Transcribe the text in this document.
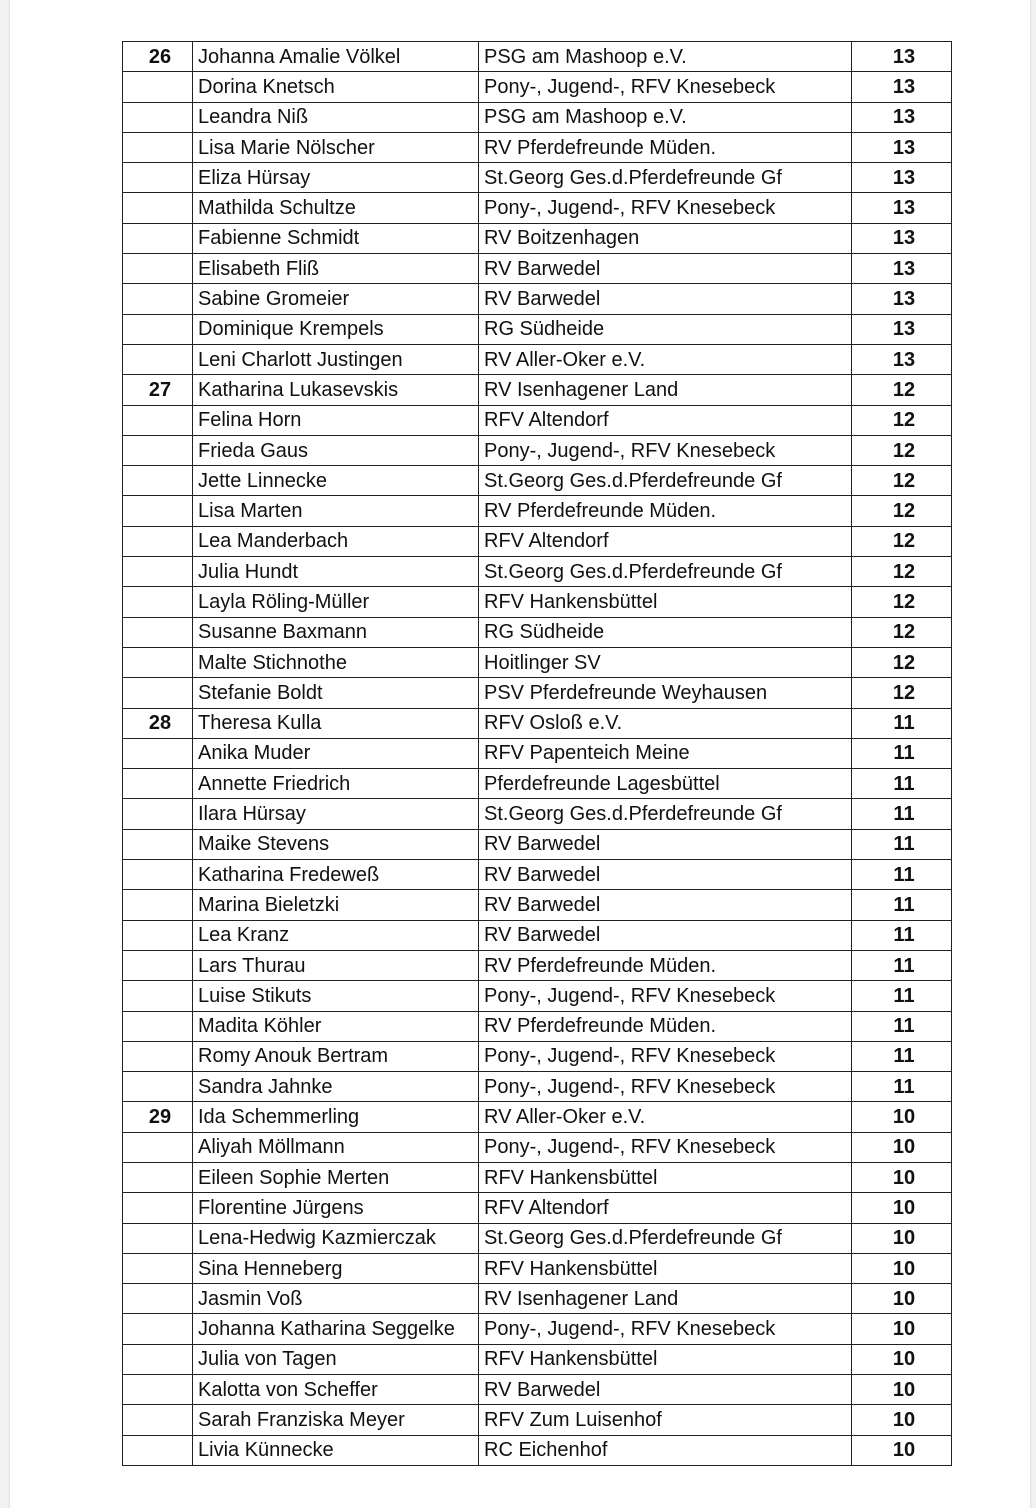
26	Johanna Amalie Völkel	PSG am Mashoop e.V.	13
	Dorina Knetsch	Pony-, Jugend-, RFV Knesebeck	13
	Leandra Niß	PSG am Mashoop e.V.	13
	Lisa Marie Nölscher	RV Pferdefreunde Müden.	13
	Eliza Hürsay	St.Georg Ges.d.Pferdefreunde Gf	13
	Mathilda Schultze	Pony-, Jugend-, RFV Knesebeck	13
	Fabienne Schmidt	RV Boitzenhagen	13
	Elisabeth Fliß	RV Barwedel	13
	Sabine Gromeier	RV Barwedel	13
	Dominique Krempels	RG Südheide	13
	Leni Charlott Justingen	RV Aller-Oker e.V.	13
27	Katharina Lukasevskis	RV Isenhagener Land	12
	Felina Horn	RFV Altendorf	12
	Frieda Gaus	Pony-, Jugend-, RFV Knesebeck	12
	Jette Linnecke	St.Georg Ges.d.Pferdefreunde Gf	12
	Lisa Marten	RV Pferdefreunde Müden.	12
	Lea Manderbach	RFV Altendorf	12
	Julia Hundt	St.Georg Ges.d.Pferdefreunde Gf	12
	Layla Röling-Müller	RFV Hankensbüttel	12
	Susanne Baxmann	RG Südheide	12
	Malte Stichnothe	Hoitlinger SV	12
	Stefanie Boldt	PSV Pferdefreunde Weyhausen	12
28	Theresa Kulla	RFV Osloß e.V.	11
	Anika Muder	RFV Papenteich Meine	11
	Annette Friedrich	Pferdefreunde Lagesbüttel	11
	Ilara Hürsay	St.Georg Ges.d.Pferdefreunde Gf	11
	Maike Stevens	RV Barwedel	11
	Katharina Fredeweß	RV Barwedel	11
	Marina Bieletzki	RV Barwedel	11
	Lea Kranz	RV Barwedel	11
	Lars Thurau	RV Pferdefreunde Müden.	11
	Luise Stikuts	Pony-, Jugend-, RFV Knesebeck	11
	Madita Köhler	RV Pferdefreunde Müden.	11
	Romy Anouk Bertram	Pony-, Jugend-, RFV Knesebeck	11
	Sandra Jahnke	Pony-, Jugend-, RFV Knesebeck	11
29	Ida Schemmerling	RV Aller-Oker e.V.	10
	Aliyah Möllmann	Pony-, Jugend-, RFV Knesebeck	10
	Eileen Sophie Merten	RFV Hankensbüttel	10
	Florentine Jürgens	RFV Altendorf	10
	Lena-Hedwig Kazmierczak	St.Georg Ges.d.Pferdefreunde Gf	10
	Sina Henneberg	RFV Hankensbüttel	10
	Jasmin Voß	RV Isenhagener Land	10
	Johanna Katharina Seggelke	Pony-, Jugend-, RFV Knesebeck	10
	Julia von Tagen	RFV Hankensbüttel	10
	Kalotta von Scheffer	RV Barwedel	10
	Sarah Franziska Meyer	RFV Zum Luisenhof	10
	Livia Künnecke	RC Eichenhof	10
